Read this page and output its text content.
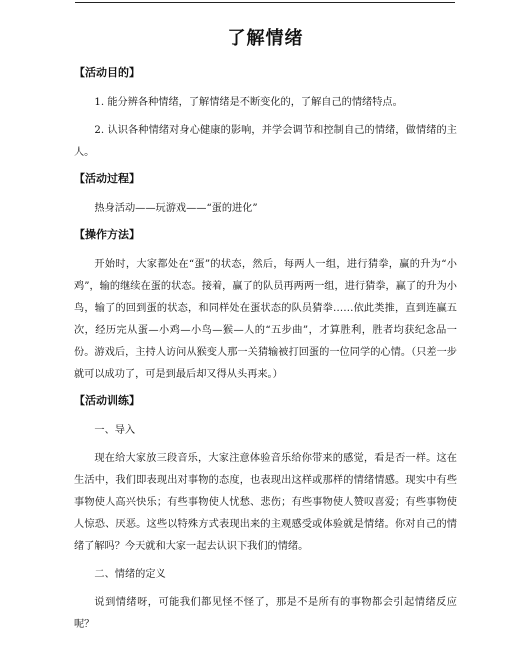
了解情绪
【活动目的】

1. 能分辨各种情绪，了解情绪是不断变化的，了解自己的情绪特点。

2. 认识各种情绪对身心健康的影响，并学会调节和控制自己的情绪，做情绪的主人。

【活动过程】

热身活动——玩游戏——“蛋的进化”

【操作方法】

开始时，大家都处在“蛋”的状态，然后，每两人一组，进行猜拳，赢的升为“小鸡”，输的继续在蛋的状态。接着，赢了的队员再两两一组，进行猜拳，赢了的升为小鸟，输了的回到蛋的状态，和同样处在蛋状态的队员猜拳……依此类推，直到连赢五次，经历完从蛋—小鸡—小鸟—猴—人的“五步曲”，才算胜利，胜者均获纪念品一份。游戏后，主持人访问从猴变人那一关猜输被打回蛋的一位同学的心情。（只差一步就可以成功了，可是到最后却又得从头再来。）

【活动训练】

一、导入

现在给大家放三段音乐，大家注意体验音乐给你带来的感觉，看是否一样。这在生活中，我们即表现出对事物的态度，也表现出这样或那样的情绪情感。现实中有些事物使人高兴快乐；有些事物使人忧愁、悲伤；有些事物使人赞叹喜爱；有些事物使人惊恐、厌恶。这些以特殊方式表现出来的主观感受或体验就是情绪。你对自己的情绪了解吗？今天就和大家一起去认识下我们的情绪。

二、情绪的定义

说到情绪呀，可能我们都见怪不怪了，那是不是所有的事物都会引起情绪反应呢？
